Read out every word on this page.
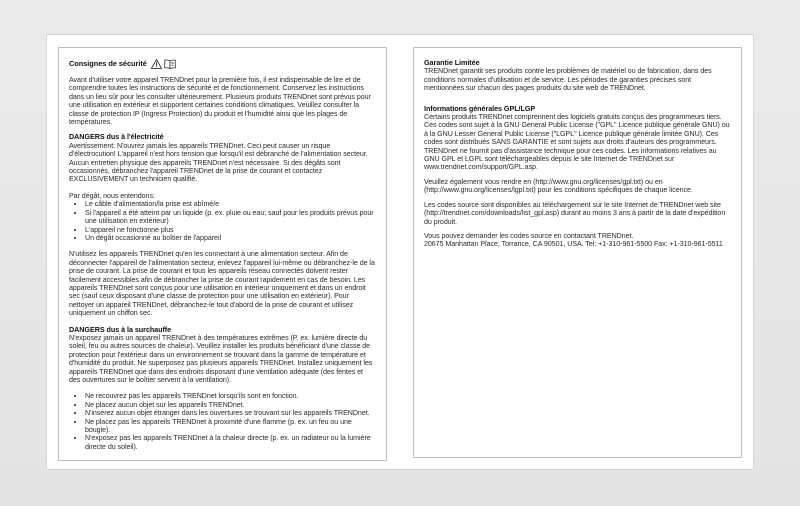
Consignes de sécurité

Avant d'utiliser votre appareil TRENDnet pour la première fois, il est indispensable de lire et de comprendre toutes les instructions de sécurité et de fonctionnement. Conservez les instructions dans un lieu sûr pour les consulter ultérieurement. Plusieurs produits TRENDnet sont prévus pour une utilisation en extérieur et supportent certaines conditions climatiques. Veuillez consulter la classe de protection IP (Ingress Protection) du produit et l'humidité ainsi que les plages de températures.

DANGERS dus à l'électricité

Avertissement: N'ouvrez jamais les appareils TRENDnet. Ceci peut causer un risque d'électrocution! L'appareil n'est hors tension que lorsqu'il est débranché de l'alimentation secteur. Aucun entretien physique des appareils TRENDnet n'est nécessaire. Si des dégâts sont occasionnés, débranchez l'appareil TRENDnet de la prise de courant et contactez EXCLUSIVEMENT un technicien qualifié.

Par dégât, nous entendons:

• Le câble d'alimentation/la prise est abîmé/e
• Si l'appareil a été atteint par un liquide (p. ex. pluie ou eau; sauf pour les produits prévus pour une utilisation en extérieur)
• L'appareil ne fonctionne plus
• Un dégât occasionné au boîtier de l'appareil

N'utilisez les appareils TRENDnet qu'en les connectant à une alimentation secteur. Afin de déconnecter l'appareil de l'alimentation secteur, enlevez l'appareil lui-même ou débranchez-le de la prise de courant. La prise de courant et tous les appareils réseau connectés doivent rester facilement accessibles afin de débrancher la prise de courant rapidement en cas de besoin. Les appareils TRENDnet sont conçus pour une utilisation en intérieur uniquement et dans un endroit sec (sauf ceux disposant d'une classe de protection pour une utilisation en extérieur). Pour nettoyer un appareil TRENDnet, débranchez-le tout d'abord de la prise de courant et utilisez uniquement un chiffon sec.

DANGERS dus à la surchauffe

N'exposez jamais un appareil TRENDnet à des températures extrêmes (P. ex. lumière directe du soleil, feu ou autres sources de chaleur). Veuillez installer les produits bénéficiant d'une classe de protection pour l'extérieur dans un environnement se trouvant dans la gamme de température et d'humidité du produit. Ne superposez pas plusieurs appareils TRENDnet. Installez uniquement les appareils TRENDnet que dans des endroits disposant d'une ventilation adéquate (des fentes et des ouvertures sur le boîtier servent à la ventilation).

• Ne recouvrez pas les appareils TRENDnet lorsqu'ils sont en fonction.
• Ne placez aucun objet sur les appareils TRENDnet.
• N'insérez aucun objet étranger dans les ouvertures se trouvant sur les appareils TRENDnet.
• Ne placez pas les appareils TRENDnet à proximité d'une flamme (p. ex. un feu ou une bougie).
• N'exposez pas les appareils TRENDnet à la chaleur directe (p. ex. un radiateur ou la lumière directe du soleil).
Garantie Limitée

TRENDnet garantit ses produits contre les problèmes de matériel ou de fabrication, dans des conditions normales d'utilisation et de service. Les périodes de garanties précises sont mentionnées sur chacun des pages produits du site web de TRENDnet.

Informations générales GPL/LGP

Certains produits TRENDnet comprennent des logiciels gratuits conçus des programmeurs tiers. Ces codes sont sujet à la GNU General Public License ("GPL" Licence publique générale GNU) ou à la GNU Lesser General Public License ("LGPL" Licence publique générale limitée GNU). Ces codes sont distribués SANS GARANTIE et sont sujets aux droits d'auteurs des programmeurs. TRENDnet ne fournit pas d'assistance technique pour ces codes. Les informations relatives au GNU GPL et LGPL sont téléchargeables depuis le site Internet de TRENDnet sur www.trendnet.com/support/GPL.asp.

Veuillez également vous rendre en (http://www.gnu.org/licenses/gpl.txt) ou en (http://www.gnu.org/licenses/lgpl.txt) pour les conditions spécifiques de chaque licence.

Les codes source sont disponibles au téléchargement sur le site Internet de TRENDnet web site (http://trendnet.com/downloads/list_gpl.asp) durant au moins 3 ans à partir de la date d'expédition du produit.

Vous pouvez demander les codes source en contactant TRENDnet.

20675 Manhattan Place, Torrance, CA 90501, USA. Tel: +1-310-961-5500 Fax: +1-310-961-5511
